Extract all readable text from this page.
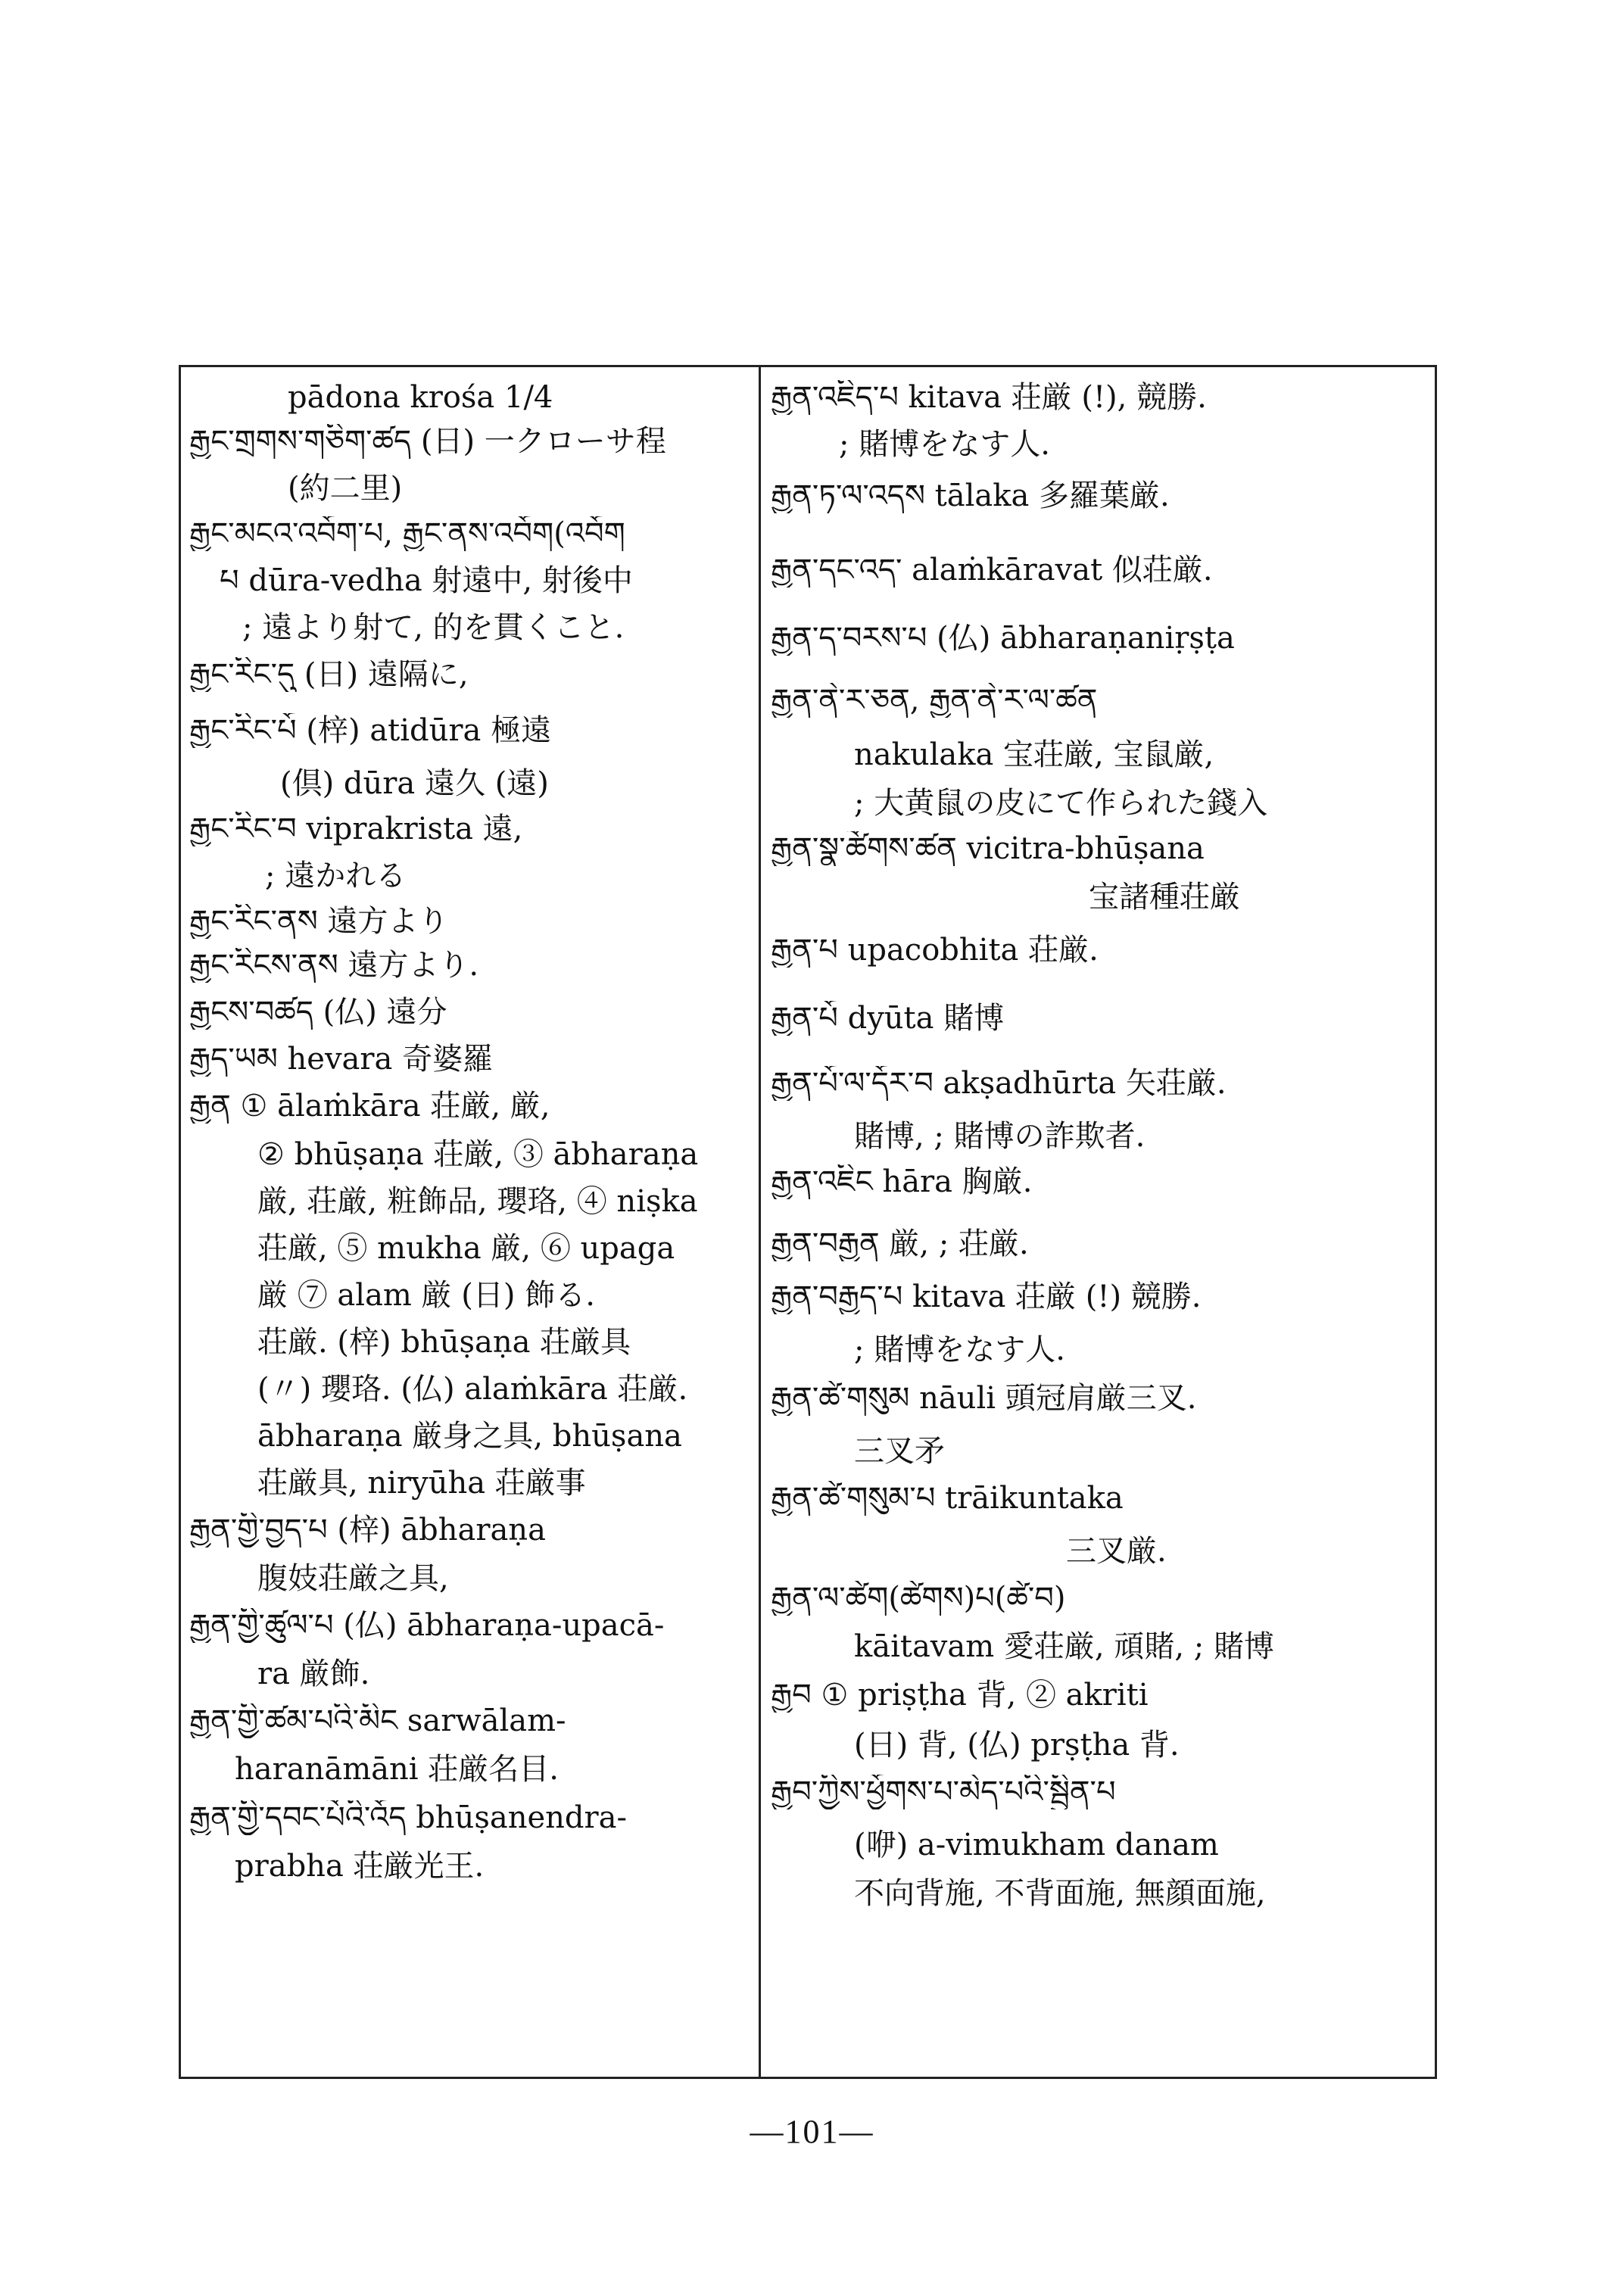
pādona krośa 1/4
རྒྱང་གྲགས་གཅིག་ཚད (日) 一クローサ程
(約二里)
རྒྱང་མངའ་འབོག་པ, རྒྱང་ནས་འབོག(འབོག
པ dūra-vedha 射遠中, 射後中
; 遠より射て, 的を貫くこと.
རྒྱང་རིང་དུ (日) 遠隔に,
རྒྱང་རིང་པོ (梓) atidūra 極遠
(倶) dūra 遠久 (遠)
རྒྱང་རིང་བ viprakrista 遠,
; 遠かれる
རྒྱང་རིང་ནས 遠方より
རྒྱང་རིངས་ནས 遠方より.
རྒྱངས་བཚད (仏) 遠分
རྒྱད་ཡམ hevara 奇婆羅
རྒྱན ① ālaṁkāra 荘厳, 厳,
② bhūṣaṇa 荘厳, ③ ābharaṇa
厳, 荘厳, 粧飾品, 瓔珞, ④ niṣka
荘厳, ⑤ mukha 厳, ⑥ upaga
厳 ⑦ alam 厳 (日) 飾る.
荘厳. (梓) bhūṣaṇa 荘厳具
(〃) 瓔珞. (仏) alaṁkāra 荘厳.
ābharaṇa 厳身之具, bhūṣana
荘厳具, niryūha 荘厳事
རྒྱན་གྱི་བྱད་པ (梓) ābharaṇa
腹妓荘厳之具,
རྒྱན་གྱི་ཚུལ་པ (仏) ābharaṇa-upacā-
ra 厳飾.
རྒྱན་གྱི་ཚམ་པའི་མིང sarwālam-
haranāmāni 荘厳名目.
རྒྱན་གྱི་དབང་པོའི་འོད bhūṣanendra-
prabha 荘厳光王.
རྒྱན་འཇིད་པ kitava 荘厳 (!), 競勝.
; 賭博をなす人.
རྒྱན་ཏ་ལ་འདས tālaka 多羅葉厳.
རྒྱན་དང་འད་ alaṁkāravat 似荘厳.
རྒྱན་ད་བརས་པ (仏) ābharaṇaniṛṣṭa
རྒྱན་ནེ་ར་ཅན, རྒྱན་ནེ་ར་ལ་ཚན
nakulaka 宝荘厳, 宝鼠厳,
; 大黄鼠の皮にて作られた錢入
རྒྱན་སྣ་ཚོགས་ཚན vicitra-bhūṣana
宝諸種荘厳
རྒྱན་པ upacobhita 荘厳.
རྒྱན་པོ dyūta 賭博
རྒྱན་པོ་ལ་དོར་བ akṣadhūrta 矢荘厳.
賭博, ; 賭博の詐欺者.
རྒྱན་འཇིང hāra 胸厳.
རྒྱན་བརྒྱན 厳, ; 荘厳.
རྒྱན་བརྒྱད་པ kitava 荘厳 (!) 競勝.
; 賭博をなす人.
རྒྱན་ཚེ་གསུམ nāuli 頭冠肩厳三叉.
三叉矛
རྒྱན་ཚེ་གསུམ་པ trāikuntaka
三叉厳.
རྒྱན་ལ་ཚེག(ཚེགས)པ(ཚེ་བ)
kāitavam 愛荘厳, 頑賭, ; 賭博
རྒྱབ ① priṣṭha 背, ② akriti
(日) 背, (仏) prṣṭha 背.
རྒྱབ་ཀྱིས་ཕྱོགས་པ་མེད་པའི་སྦྱིན་པ
(咿) a-vimukham danam
不向背施, 不背面施, 無顔面施,
—101—
